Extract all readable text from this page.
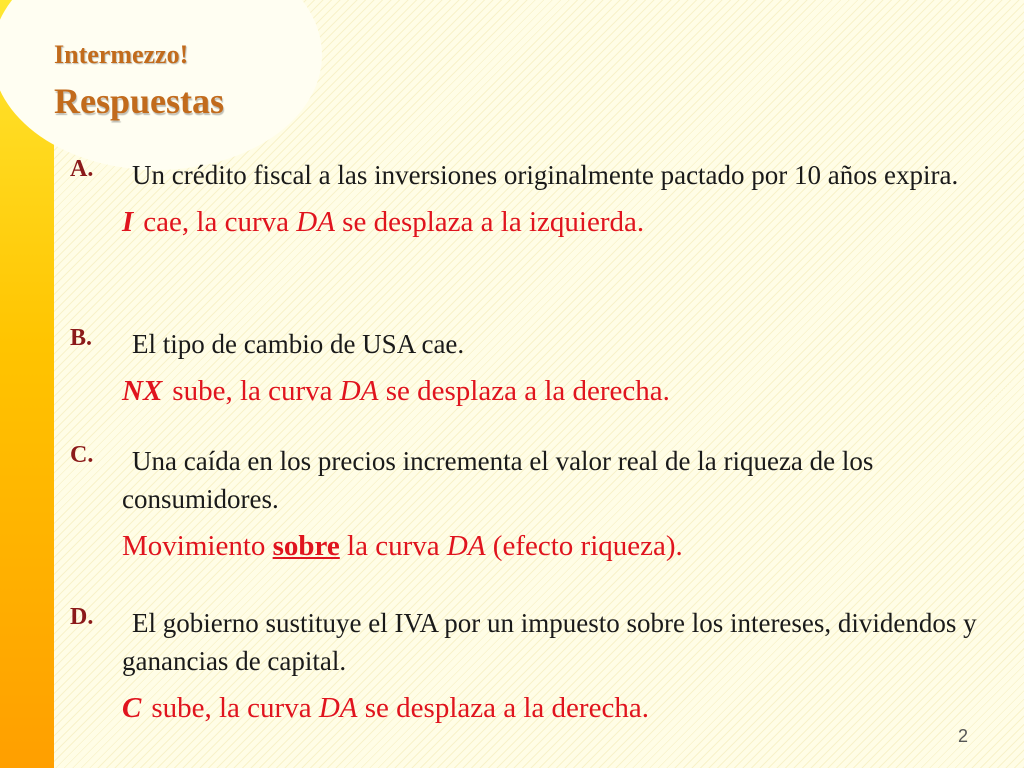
Intermezzo!
Respuestas
A.	Un crédito fiscal a las inversiones originalmente pactado por 10 años expira.

I cae, la curva DA se desplaza a la izquierda.

B.	El tipo de cambio de USA cae.

NX sube, la curva DA se desplaza a la derecha.

C.	Una caída en los precios incrementa el valor real de la riqueza de los consumidores.

Movimiento sobre la curva DA (efecto riqueza).

D.	El gobierno sustituye el IVA por un impuesto sobre los intereses, dividendos y ganancias de capital.

C sube, la curva DA se desplaza a la derecha.

2
